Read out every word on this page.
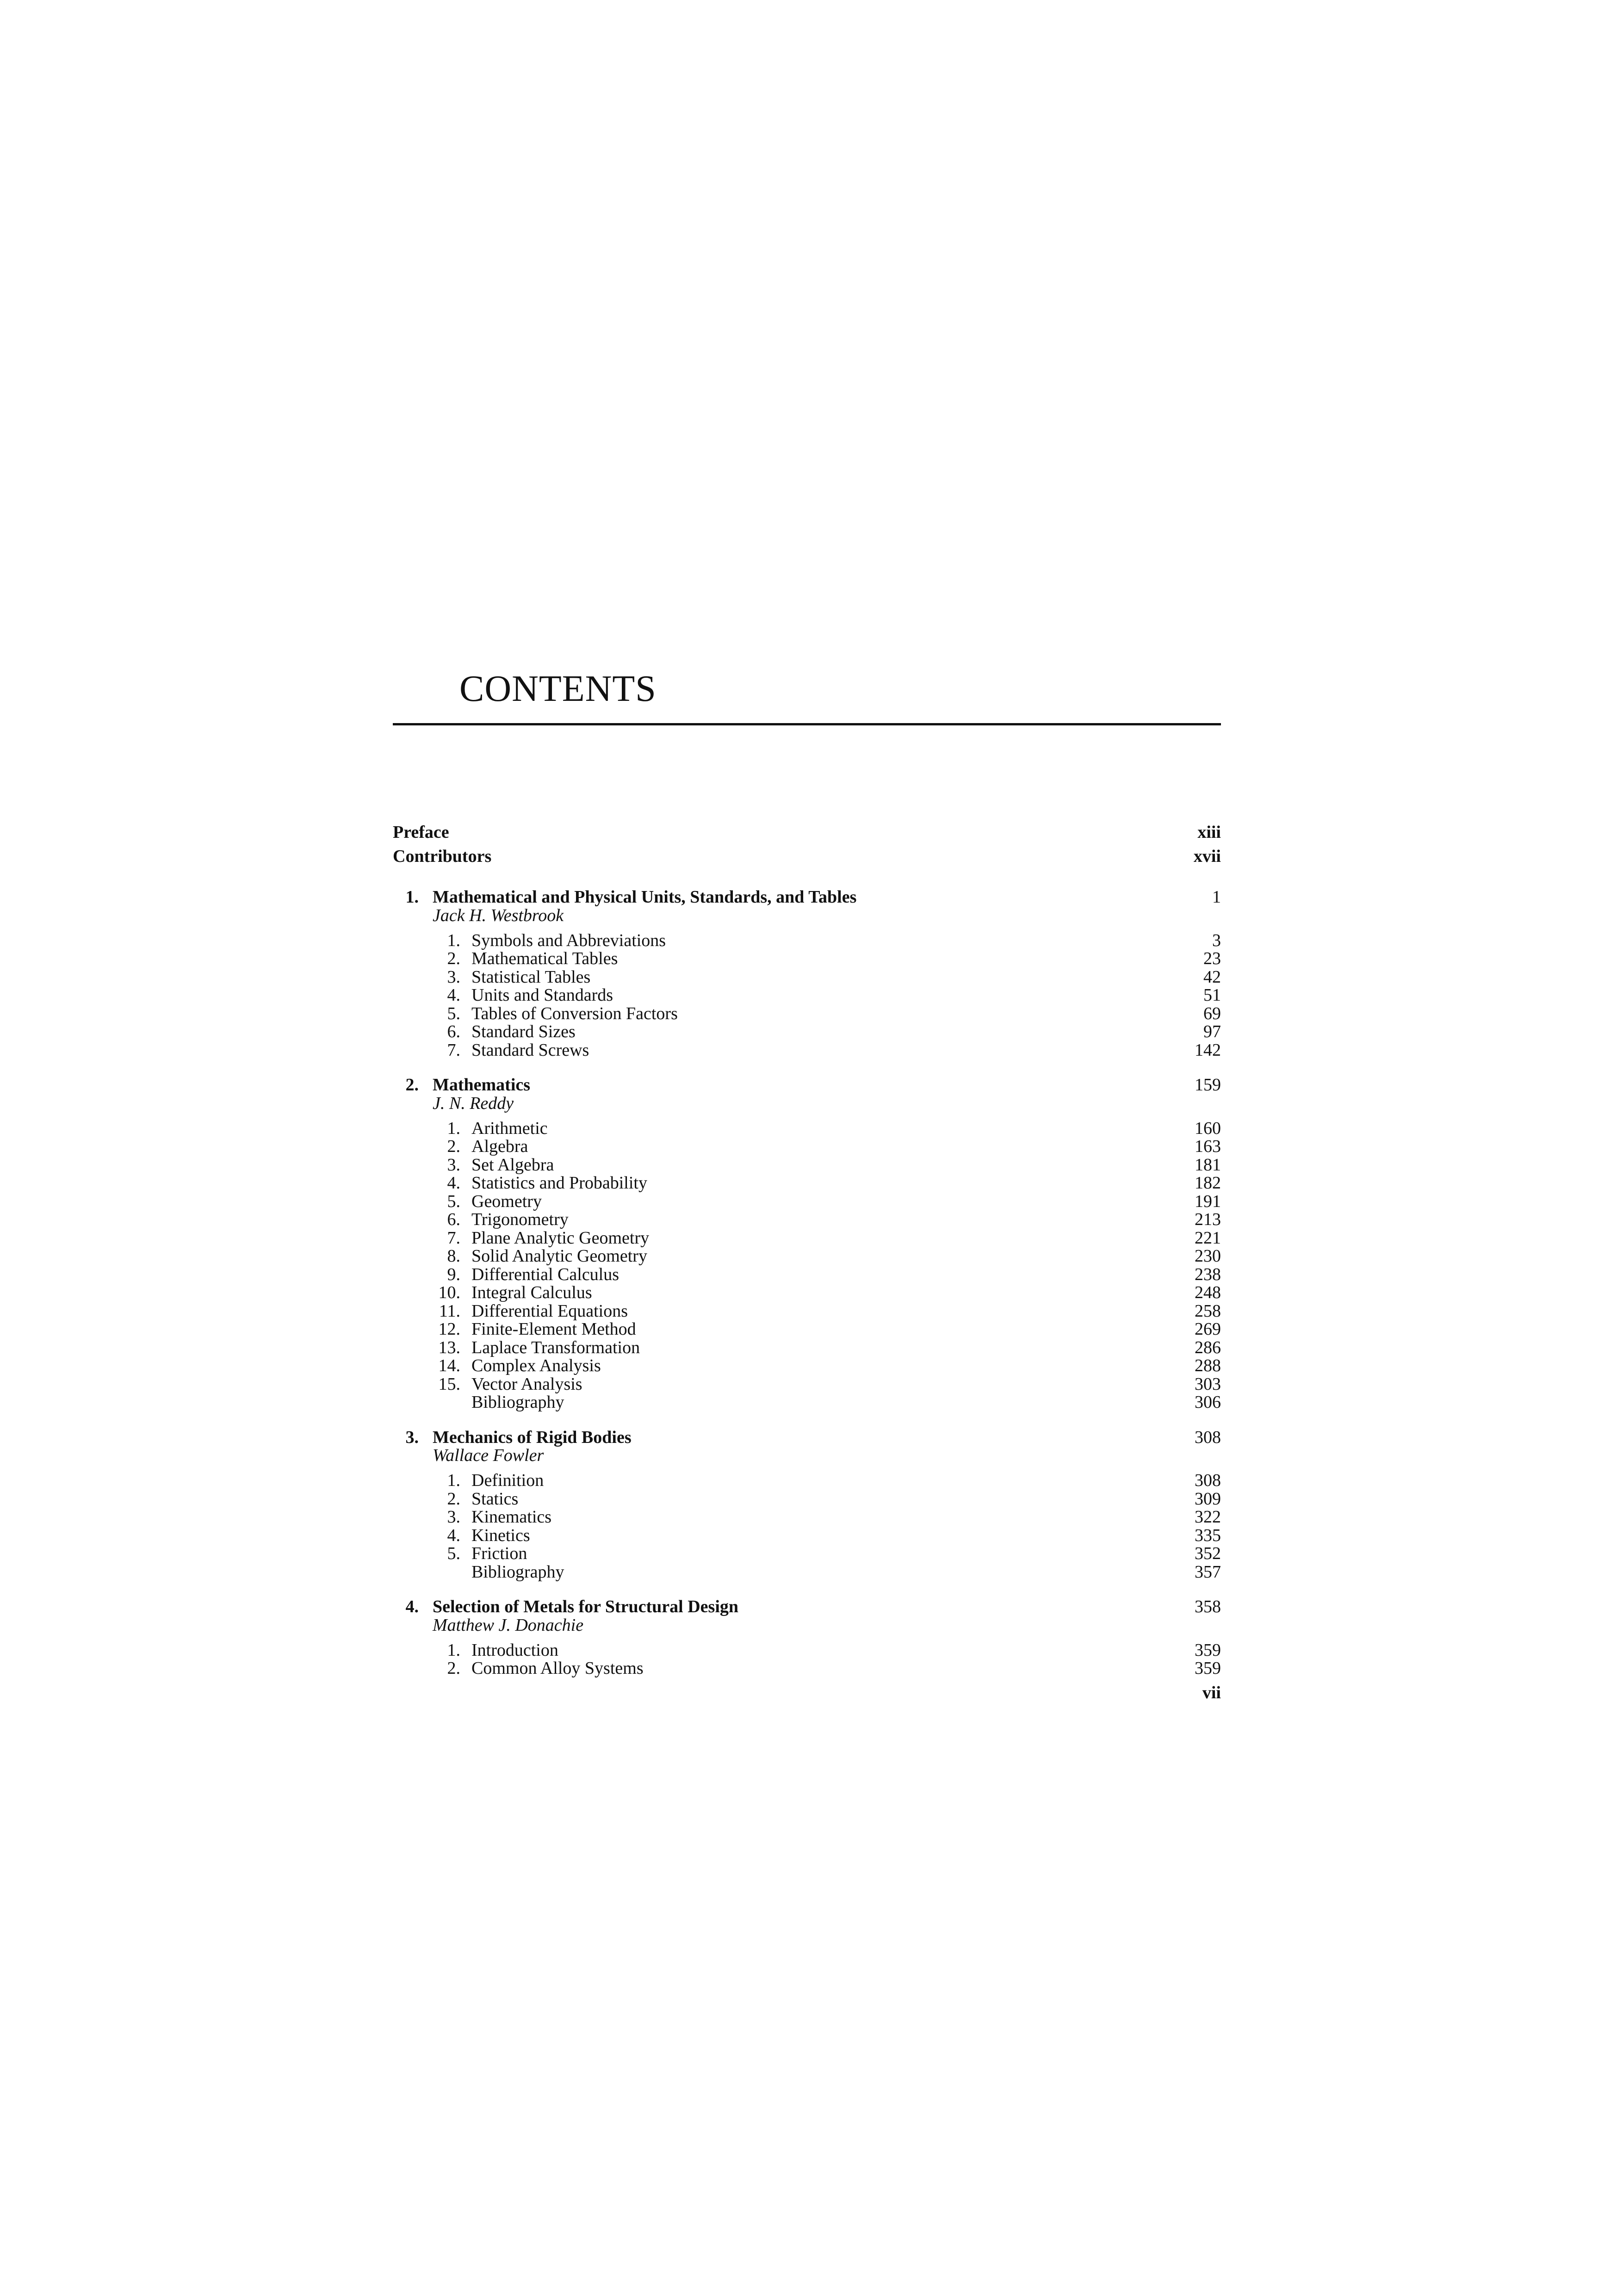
CONTENTS
Preface	xiii
Contributors	xvii
1. Mathematical and Physical Units, Standards, and Tables	1
Jack H. Westbrook
1. Symbols and Abbreviations	3
2. Mathematical Tables	23
3. Statistical Tables	42
4. Units and Standards	51
5. Tables of Conversion Factors	69
6. Standard Sizes	97
7. Standard Screws	142
2. Mathematics	159
J. N. Reddy
1. Arithmetic	160
2. Algebra	163
3. Set Algebra	181
4. Statistics and Probability	182
5. Geometry	191
6. Trigonometry	213
7. Plane Analytic Geometry	221
8. Solid Analytic Geometry	230
9. Differential Calculus	238
10. Integral Calculus	248
11. Differential Equations	258
12. Finite-Element Method	269
13. Laplace Transformation	286
14. Complex Analysis	288
15. Vector Analysis	303
Bibliography	306
3. Mechanics of Rigid Bodies	308
Wallace Fowler
1. Definition	308
2. Statics	309
3. Kinematics	322
4. Kinetics	335
5. Friction	352
Bibliography	357
4. Selection of Metals for Structural Design	358
Matthew J. Donachie
1. Introduction	359
2. Common Alloy Systems	359
vii
